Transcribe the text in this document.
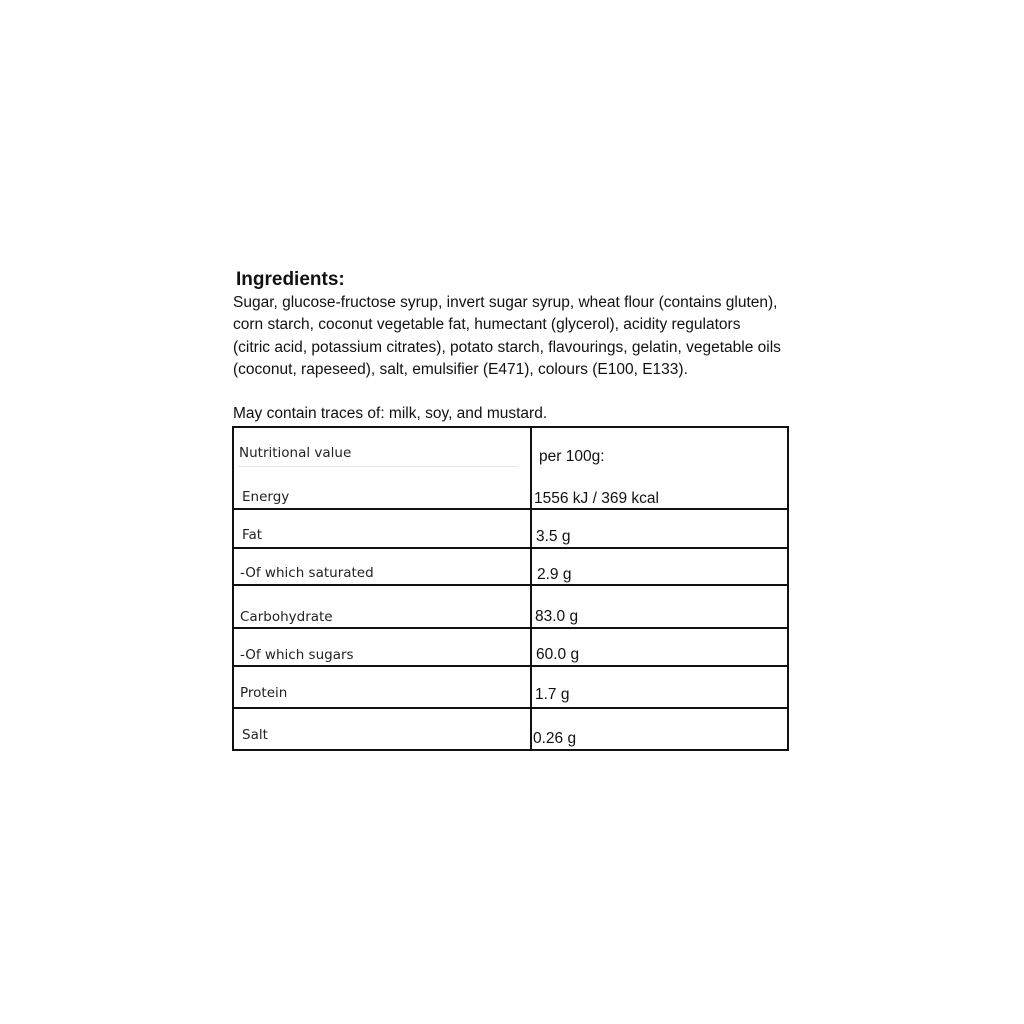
Ingredients:

Sugar, glucose-fructose syrup, invert sugar syrup, wheat flour (contains gluten), corn starch, coconut vegetable fat, humectant (glycerol), acidity regulators (citric acid, potassium citrates), potato starch, flavourings, gelatin, vegetable oils (coconut, rapeseed), salt, emulsifier (E471), colours (E100, E133).

May contain traces of: milk, soy, and mustard.

Nutritional value	per 100g:
Energy	1556 kJ / 369 kcal
Fat	3.5 g
-Of which saturated	2.9 g
Carbohydrate	83.0 g
-Of which sugars	60.0 g
Protein	1.7 g
Salt	0.26 g
